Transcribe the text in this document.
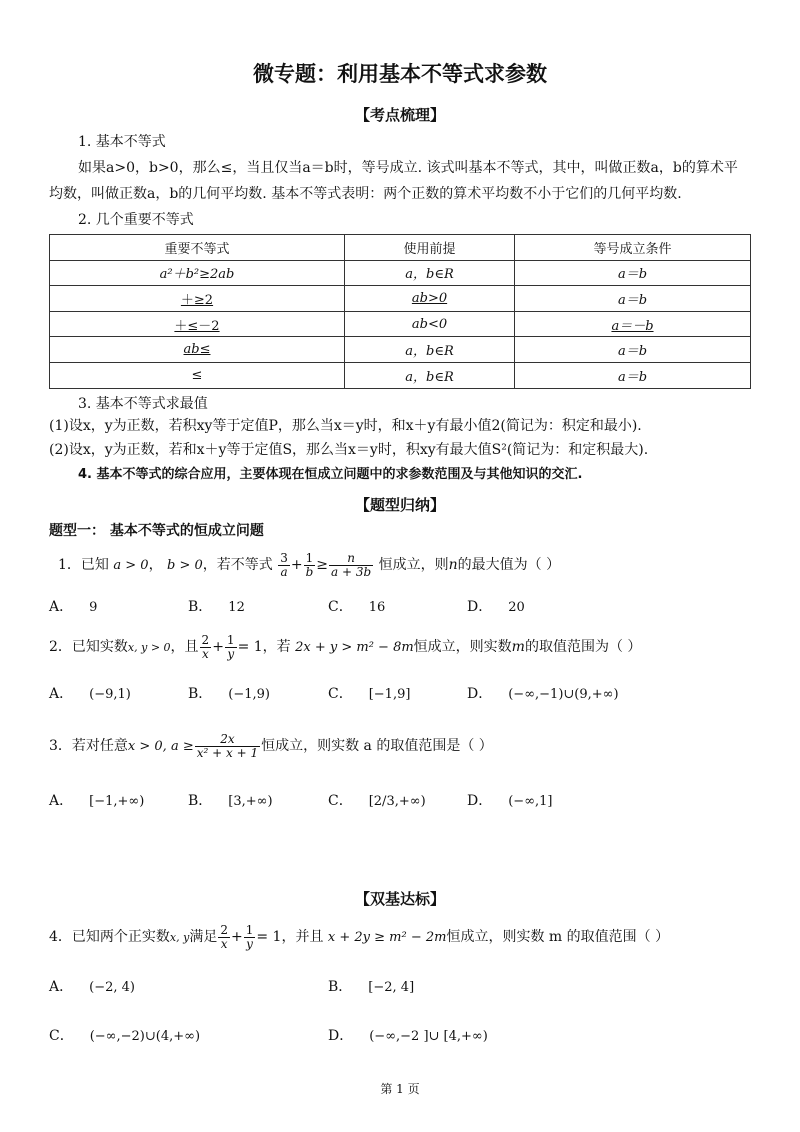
微专题：利用基本不等式求参数
【考点梳理】
1. 基本不等式
如果a>0，b>0，那么≤，当且仅当a＝b时，等号成立. 该式叫基本不等式，其中，叫做正数a，b的算术平
均数，叫做正数a，b的几何平均数. 基本不等式表明：两个正数的算术平均数不小于它们的几何平均数.
2. 几个重要不等式
重要不等式	使用前提	等号成立条件
a²＋b²≥2ab	a，b∈R	a＝b
＋≥2	ab>0	a＝b
＋≤－2	ab<0	a＝－b
ab≤	a，b∈R	a＝b
≤	a，b∈R	a＝b
3. 基本不等式求最值
(1)设x，y为正数，若积xy等于定值P，那么当x＝y时，和x＋y有最小值2(简记为：积定和最小).
(2)设x，y为正数，若和x＋y等于定值S，那么当x＝y时，积xy有最大值S²(简记为：和定积最大).
4. 基本不等式的综合应用，主要体现在恒成立问题中的求参数范围及与其他知识的交汇.
【题型归纳】
题型一： 基本不等式的恒成立问题
1．已知 a > 0， b > 0，若不等式 $\frac{3}{a} + \frac{1}{b} \ge \frac{n}{a + 3b}$ 恒成立，则n的最大值为（ ）
A． 9	B． 12	C． 16	D． 20
2．已知实数x, y > 0，且 $\frac{2}{x} + \frac{1}{y} = 1$，若 2x + y > m² − 8m恒成立，则实数m的取值范围为（ ）
A． (−9,1)	B． (−1,9)	C． [−1,9]	D． (−∞,−1)∪(9,+∞)
3．若对任意x > 0, $a \ge \frac{2x}{\text{x² + x + 1}}$ 恒成立，则实数 a 的取值范围是（ ）
A． [−1,+∞)	B． [3,+∞)	C． [2/3,+∞)	D． (−∞,1]
【双基达标】
4．已知两个正实数x, y满足 $\frac{2}{x} + \frac{1}{y} = 1$，并且 x + 2y ≥ m² − 2m恒成立，则实数 m 的取值范围（ ）
A． (−2, 4)	B． [−2, 4]
C． (−∞,−2)∪(4,+∞)	D． (−∞,−2 ]∪ [4,+∞)
第 1 页
